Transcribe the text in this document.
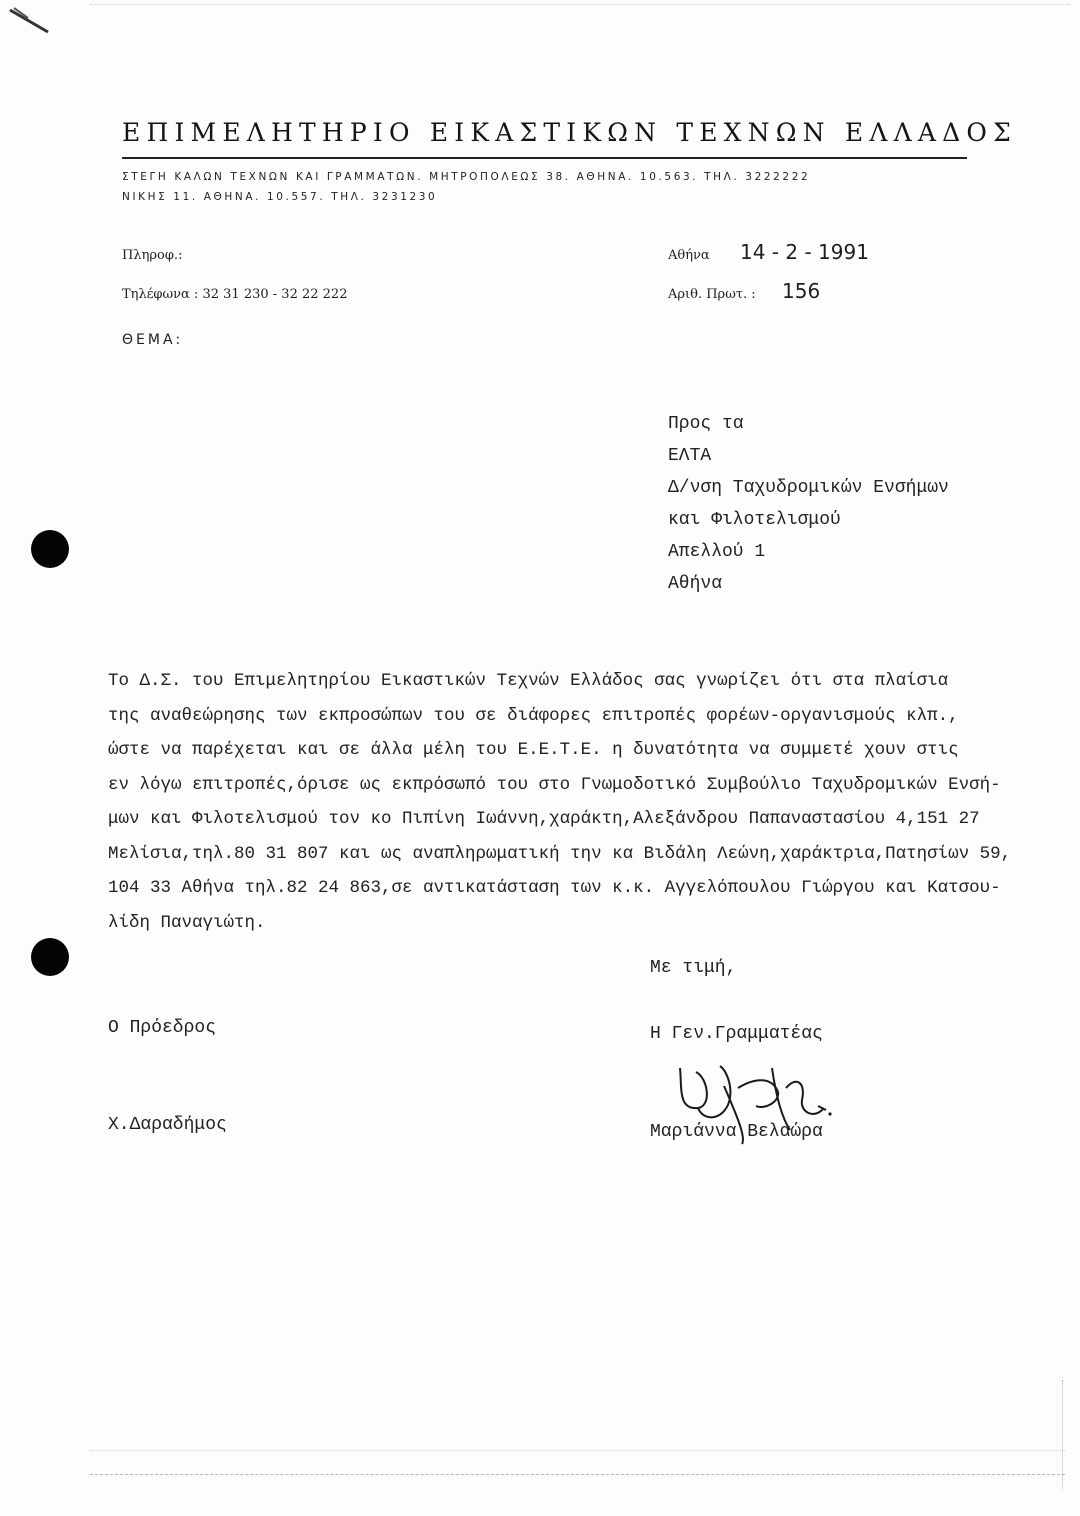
ΕΠΙΜΕΛΗΤΗΡΙΟ ΕΙΚΑΣΤΙΚΩΝ ΤΕΧΝΩΝ ΕΛΛΑΔΟΣ
ΣΤΕΓΗ ΚΑΛΩΝ ΤΕΧΝΩΝ ΚΑΙ ΓΡΑΜΜΑΤΩΝ. ΜΗΤΡΟΠΟΛΕΩΣ 38. ΑΘΗΝΑ. 10.563. ΤΗΛ. 3222222
ΝΙΚΗΣ 11. ΑΘΗΝΑ. 10.557. ΤΗΛ. 3231230
Πληροφ.:
Τηλέφωνα : 32 31 230 - 32 22 222
Αθήνα 14 - 2 - 1991
Αριθ. Πρωτ. : 156
ΘΕΜΑ:
Προς τα
ΕΛΤΑ
Δ/νση Ταχυδρομικών Ενσήμων
και Φιλοτελισμού
Απελλού 1
Αθήνα
Το Δ.Σ. του Επιμελητηρίου Εικαστικών Τεχνών Ελλάδος σας γνωρίζει ότι στα πλαίσια
της αναθεώρησης των εκπροσώπων του σε διάφορες επιτροπές φορέων-οργανισμούς κλπ.,
ώστε να παρέχεται και σε άλλα μέλη του Ε.Ε.Τ.Ε. η δυνατότητα να συμμετέ χουν στις
εν λόγω επιτροπές,όρισε ως εκπρόσωπό του στο Γνωμοδοτικό Συμβούλιο Ταχυδρομικών Ενσή-
μων και Φιλοτελισμού τον κο Πιπίνη Ιωάννη,χαράκτη,Αλεξάνδρου Παπαναστασίου 4,151 27
Μελίσια,τηλ.80 31 807 και ως αναπληρωματική την κα Βιδάλη Λεώνη,χαράκτρια,Πατησίων 59,
104 33 Αθήνα τηλ.82 24 863,σε αντικατάσταση των κ.κ. Αγγελόπουλου Γιώργου και Κατσου-
λίδη Παναγιώτη.
Με τιμή,
Ο Πρόεδρος
Χ.Δαραδήμος
Η Γεν.Γραμματέας
Μαριάννα Βελαώρα
